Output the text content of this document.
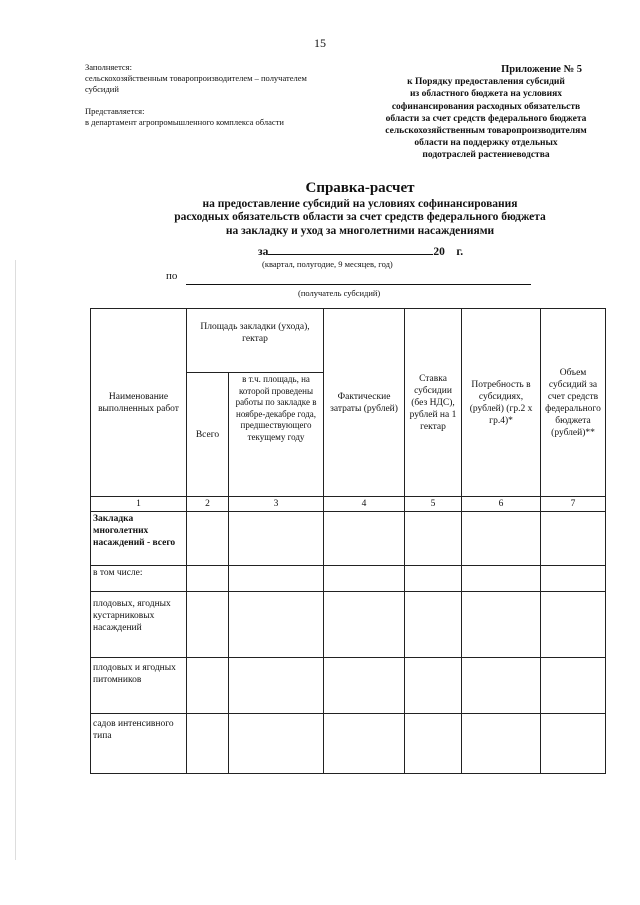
15
Заполняется:
сельскохозяйственным товаропроизводителем – получателем
субсидий
Представляется:
в департамент агропромышленного комплекса области
Приложение № 5
к Порядку предоставления субсидий
из областного бюджета на условиях
софинансирования расходных обязательств
области за счет средств федерального бюджета
сельскохозяйственным товаропроизводителям
области на поддержку отдельных
подотраслей растениеводства
Справка-расчет
на предоставление субсидий на условиях софинансирования
расходных обязательств области за счет средств федерального бюджета
на закладку и уход за многолетними насаждениями
за	20 г.
(квартал, полугодие, 9 месяцев, год)
по
(получатель субсидий)
Наименование выполненных работ	Площадь закладки (ухода), гектар		Фактические затраты (рублей)	Ставка субсидии (без НДС), рублей на 1 гектар	Потребность в субсидиях, (рублей) (гр.2 х гр.4)*	Объем субсидий за счет средств федерального бюджета (рублей)**
	Всего	в т.ч. площадь, на которой проведены работы по закладке в ноябре-декабре года, предшествующего текущему году				
1	2	3	4	5	6	7
Закладка многолетних насаждений - всего						
в том числе:						
плодовых, ягодных кустарниковых насаждений						
плодовых и ягодных питомников						
садов интенсивного типа						
